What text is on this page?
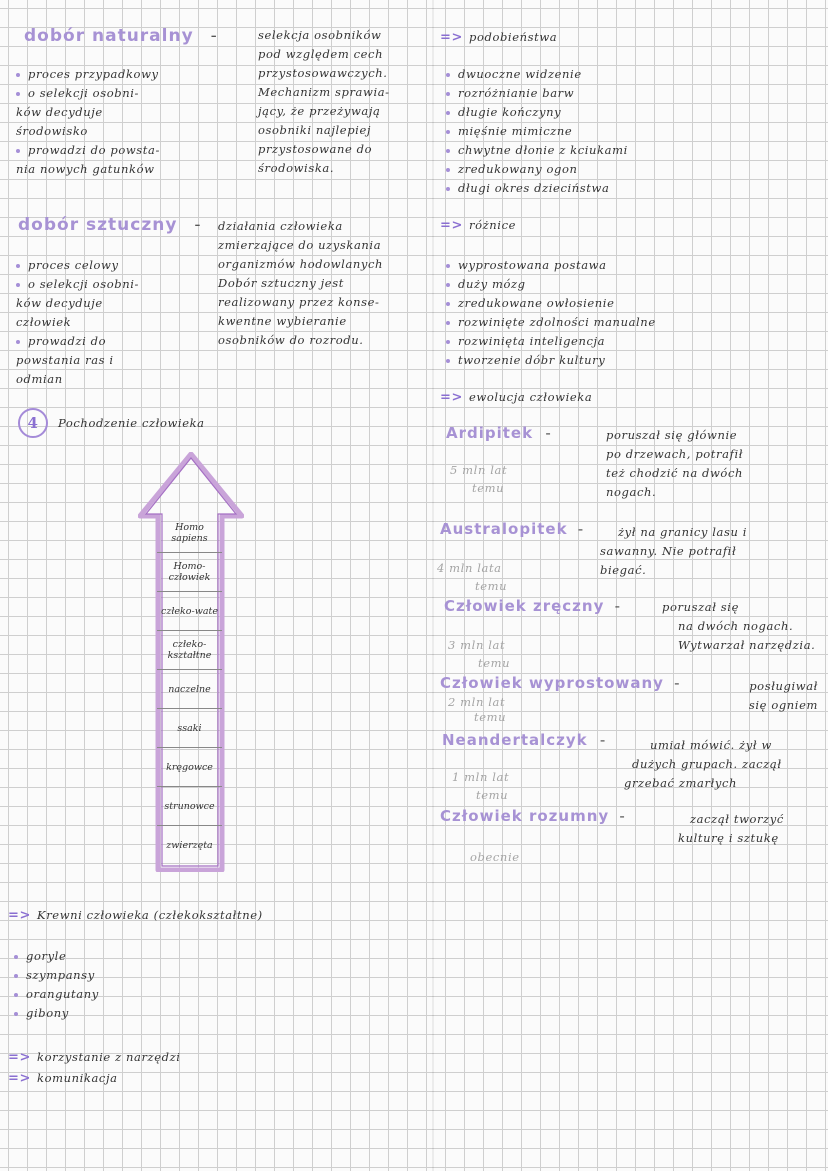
dobór naturalny -	selekcja osobników
pod względem cech
przystosowawczych.
Mechanizm sprawia-
jący, że przeżywają
osobniki najlepiej
przystosowane do
środowiska.
proces przypadkowy
o selekcji osobni-
ków decyduje
środowisko
prowadzi do powsta-
nia nowych gatunków
dobór sztuczny - działania człowieka
zmierzające do uzyskania
organizmów hodowlanych
Dobór sztuczny jest
realizowany przez konse-
kwentne wybieranie
osobników do rozrodu.
proces celowy
o selekcji osobni-
ków decyduje
człowiek
prowadzi do
powstania ras i
odmian
4	Pochodzenie człowieka
Homo sapiens
Homo-człowiek
człeko-wate
człeko-kształtne
naczelne
ssaki
kręgowce
strunowce
zwierzęta
=> Krewni człowieka (człekokształtne)
goryle
szympansy
orangutany
gibony
=> korzystanie z narzędzi
=> komunikacja
=> podobieństwa
dwuoczne widzenie
rozróżnianie barw
długie kończyny
mięśnie mimiczne
chwytne dłonie z kciukami
zredukowany ogon
długi okres dzieciństwa
=> różnice
wyprostowana postawa
duży mózg
zredukowane owłosienie
rozwinięte zdolności manualne
rozwinięta inteligencja
tworzenie dóbr kultury
=> ewolucja człowieka
Ardipitek -
5 mln lat
temu
poruszał się głównie
po drzewach, potrafił
też chodzić na dwóch
nogach.
Australopitek -
4 mln lata
temu
żył na granicy lasu i
sawanny. Nie potrafił
biegać.
Człowiek zręczny -
3 mln lat
temu
poruszał się
na dwóch nogach.
Wytwarzał narzędzia.
Człowiek wyprostowany -
2 mln lat
temu
posługiwał
się ogniem
Neandertalczyk -
1 mln lat
temu
umiał mówić. żył w
dużych grupach. zaczął
grzebać zmarłych
Człowiek rozumny -
obecnie
zaczął tworzyć
kulturę i sztukę
